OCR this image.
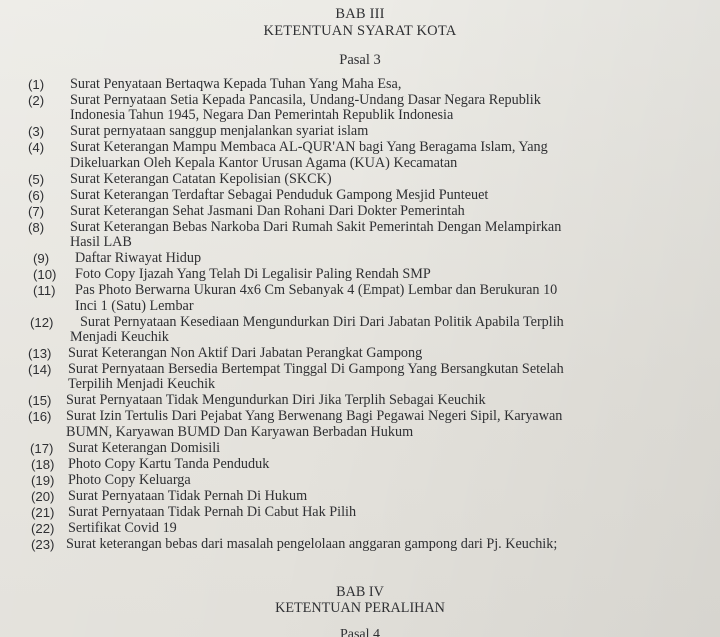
BAB III
KETENTUAN SYARAT KOTA
Pasal 3
(1) Surat Penyataan Bertaqwa Kepada Tuhan Yang Maha Esa,
(2) Surat Pernyataan Setia Kepada Pancasila, Undang-Undang Dasar Negara Republik
Indonesia Tahun 1945, Negara Dan Pemerintah Republik Indonesia
(3) Surat pernyataan sanggup menjalankan syariat islam
(4) Surat Keterangan Mampu Membaca AL-QUR'AN bagi Yang Beragama Islam, Yang
Dikeluarkan Oleh Kepala Kantor Urusan Agama (KUA) Kecamatan
(5) Surat Keterangan Catatan Kepolisian (SKCK)
(6) Surat Keterangan Terdaftar Sebagai Penduduk Gampong Mesjid Punteuet
(7) Surat Keterangan Sehat Jasmani Dan Rohani Dari Dokter Pemerintah
(8) Surat Keterangan Bebas Narkoba Dari Rumah Sakit Pemerintah Dengan Melampirkan
Hasil LAB
(9) Daftar Riwayat Hidup
(10) Foto Copy Ijazah Yang Telah Di Legalisir Paling Rendah SMP
(11) Pas Photo Berwarna Ukuran 4x6 Cm Sebanyak 4 (Empat) Lembar dan Berukuran 10
Inci 1 (Satu) Lembar
(12) Surat Pernyataan Kesediaan Mengundurkan Diri Dari Jabatan Politik Apabila Terplih
Menjadi Keuchik
(13) Surat Keterangan Non Aktif Dari Jabatan Perangkat Gampong
(14) Surat Pernyataan Bersedia Bertempat Tinggal Di Gampong Yang Bersangkutan Setelah
Terpilih Menjadi Keuchik
(15) Surat Pernyataan Tidak Mengundurkan Diri Jika Terplih Sebagai Keuchik
(16) Surat Izin Tertulis Dari Pejabat Yang Berwenang Bagi Pegawai Negeri Sipil, Karyawan
BUMN, Karyawan BUMD Dan Karyawan Berbadan Hukum
(17) Surat Keterangan Domisili
(18) Photo Copy Kartu Tanda Penduduk
(19) Photo Copy Keluarga
(20) Surat Pernyataan Tidak Pernah Di Hukum
(21) Surat Pernyataan Tidak Pernah Di Cabut Hak Pilih
(22) Sertifikat Covid 19
(23) Surat keterangan bebas dari masalah pengelolaan anggaran gampong dari Pj. Keuchik;
BAB IV
KETENTUAN PERALIHAN
Pasal 4
